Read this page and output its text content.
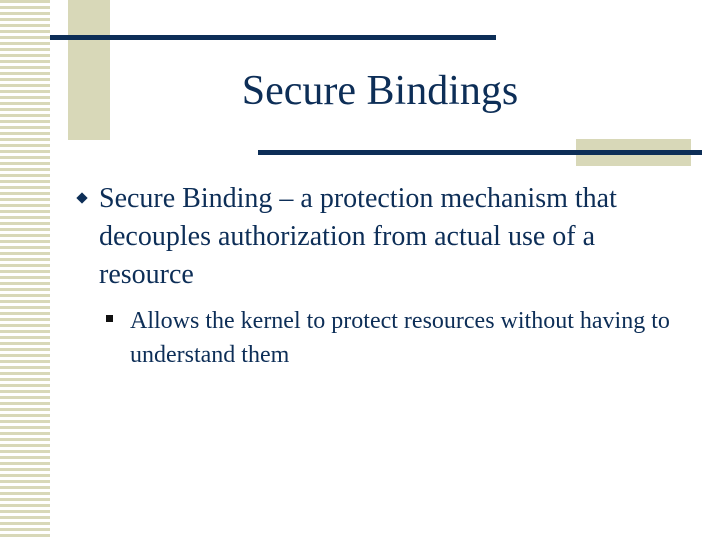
Secure Bindings
Secure Binding – a protection mechanism that decouples authorization from actual use of a resource
Allows the kernel to protect resources without having to understand them
